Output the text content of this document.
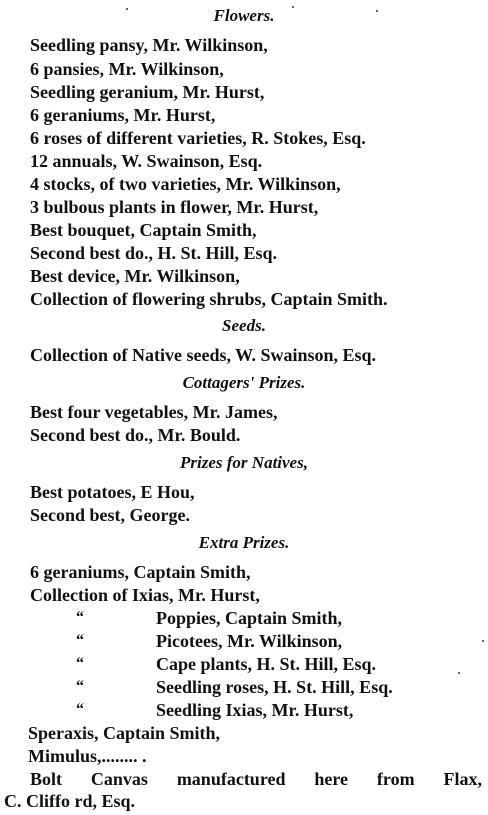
Flowers.
Seedling pansy, Mr. Wilkinson,
6 pansies, Mr. Wilkinson,
Seedling geranium, Mr. Hurst,
6 geraniums, Mr. Hurst,
6 roses of different varieties, R. Stokes, Esq.
12 annuals, W. Swainson, Esq.
4 stocks, of two varieties, Mr. Wilkinson,
3 bulbous plants in flower, Mr. Hurst,
Best bouquet, Captain Smith,
Second best do., H. St. Hill, Esq.
Best device, Mr. Wilkinson,
Collection of flowering shrubs, Captain Smith.
Seeds.
Collection of Native seeds, W. Swainson, Esq.
Cottagers' Prizes.
Best four vegetables, Mr. James,
Second best do., Mr. Bould.
Prizes for Natives,
Best potatoes, E Hou,
Second best, George.
Extra Prizes.
6 geraniums, Captain Smith,
Collection of Ixias, Mr. Hurst,
“	Poppies, Captain Smith,
“	Picotees, Mr. Wilkinson,
“	Cape plants, H. St. Hill, Esq.
“	Seedling roses, H. St. Hill, Esq.
“	Seedling Ixias, Mr. Hurst,
Speraxis, Captain Smith,
Mimulus,........ .
Bolt Canvas manufactured here from Flax,
C. Cliffo rd, Esq.
